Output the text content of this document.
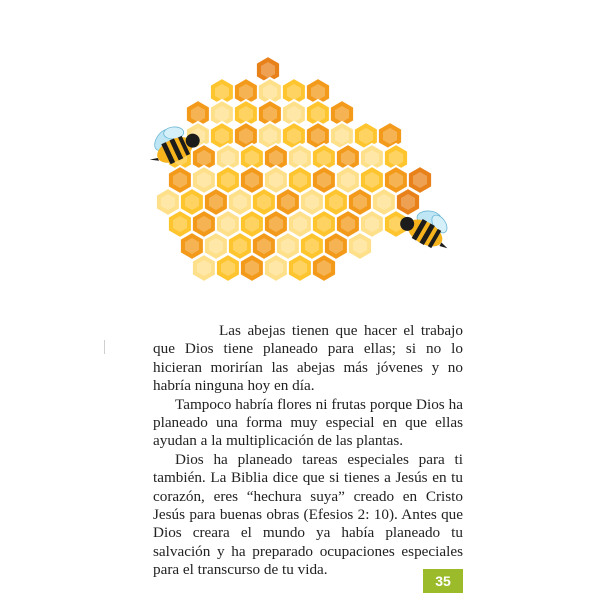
Las abejas tienen que hacer el trabajo que Dios tiene planeado para ellas; si no lo hicieran morirían las abejas más jóvenes y no habría ninguna hoy en día.

Tampoco habría flores ni frutas porque Dios ha planeado una forma muy especial en que ellas ayudan a la multiplicación de las plantas.

Dios ha planeado tareas especiales para ti también. La Biblia dice que si tienes a Jesús en tu corazón, eres “hechura suya” creado en Cristo Jesús para buenas obras (Efesios 2: 10). Antes que Dios creara el mundo ya había planeado tu salvación y ha preparado ocupaciones especiales para el transcurso de tu vida.

35
